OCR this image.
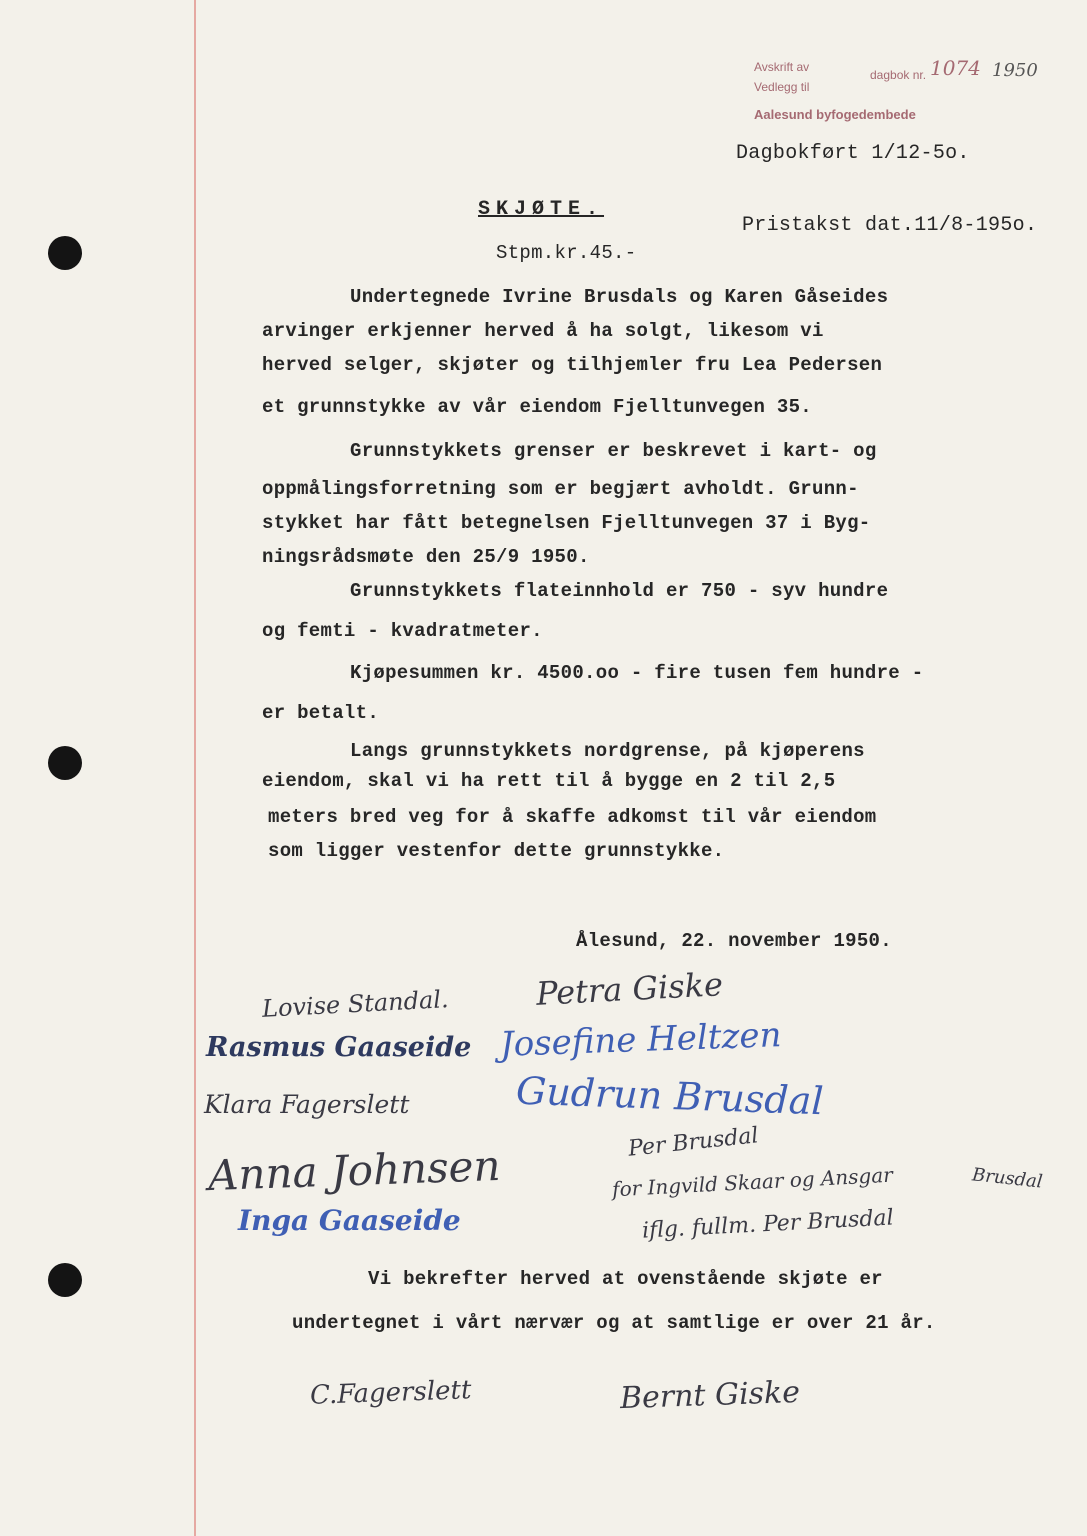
Avskrift av
Vedlegg til
Aalesund byfogedembede
dagbok nr. 1074 1950
Dagbokført 1/12-5o.
SKJØTE.
Pristakst dat.11/8-195o.
Stpm.kr.45.-
Undertegnede Ivrine Brusdals og Karen Gåseides
arvinger erkjenner herved å ha solgt, likesom vi
herved selger, skjøter og tilhjemler fru Lea Pedersen
et grunnstykke av vår eiendom Fjelltunvegen 35.
Grunnstykkets grenser er beskrevet i kart- og
oppmålingsforretning som er begjært avholdt. Grunn-
stykket har fått betegnelsen Fjelltunvegen 37 i Byg-
ningsrådsmøte den 25/9 1950.
Grunnstykkets flateinnhold er 750 - syv hundre
og femti - kvadratmeter.
Kjøpesummen kr. 4500.oo - fire tusen fem hundre -
er betalt.
Langs grunnstykkets nordgrense, på kjøperens
eiendom, skal vi ha rett til å bygge en 2 til 2,5
meters bred veg for å skaffe adkomst til vår eiendom
som ligger vestenfor dette grunnstykke.
Ålesund, 22. november 1950.
Lovise Standal.	Petra Giske
Rasmus Gaaseide Josefine Heltzen
Klara Fagerslett	Gudrun Brusdal
Anna Johnsen	Per Brusdal
for Ingvild Skaar og Ansgar	Brusdal
Inga Gaaseide	iflg. fullm. Per Brusdal
Vi bekrefter herved at ovenstående skjøte er
undertegnet i vårt nærvær og at samtlige er over 21 år.
C.Fagerslett	Bernt Giske
